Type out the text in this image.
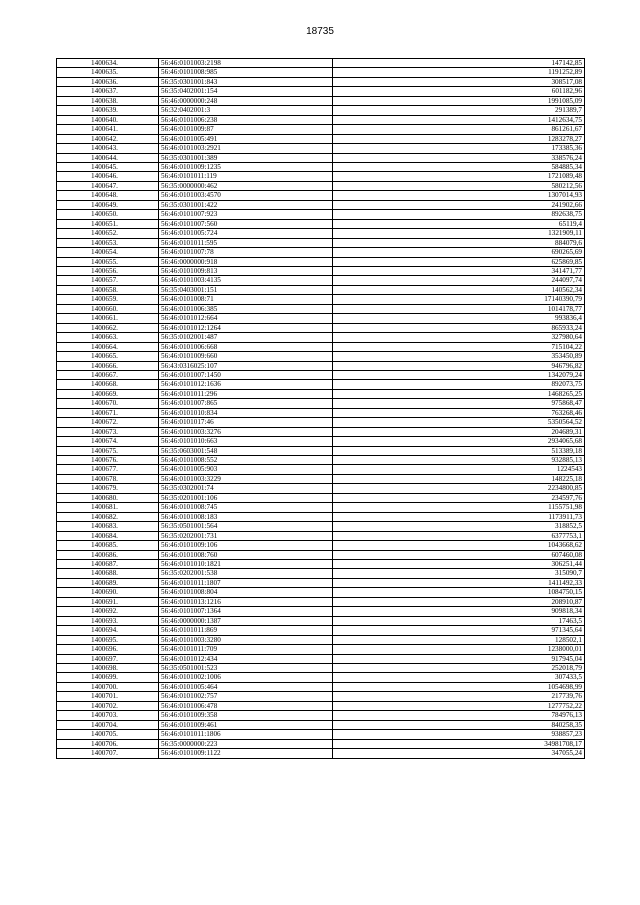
18735
1400634.	56:46:0101003:2198	147142,85
1400635.	56:46:0101008:985	1191252,89
1400636.	56:35:0301001:843	308517,08
1400637.	56:35:0402001:154	601182,96
1400638.	56:46:0000000:248	1991085,09
1400639.	56:32:0402001:3	291389,7
1400640.	56:46:0101006:238	1412634,75
1400641.	56:46:0101009:87	861261,67
1400642.	56:46:0101005:491	1283278,27
1400643.	56:46:0101003:2921	173385,36
1400644.	56:35:0301001:389	338576,24
1400645.	56:46:0101009:1235	584885,34
1400646.	56:46:0101011:119	1721089,48
1400647.	56:35:0000000:462	580212,56
1400648.	56:46:0101003:4570	1307014,93
1400649.	56:35:0301001:422	241902,66
1400650.	56:46:0101007:923	892638,75
1400651.	56:46:0101007:560	65119,4
1400652.	56:46:0101005:724	1321909,11
1400653.	56:46:0101011:595	884079,6
1400654.	56:46:0101007:78	690265,69
1400655.	56:46:0000000:918	625869,85
1400656.	56:46:0101009:813	341471,77
1400657.	56:46:0101003:4135	244097,74
1400658.	56:35:0403001:151	140562,34
1400659.	56:46:0101008:71	17140390,79
1400660.	56:46:0101006:385	1014178,77
1400661.	56:46:0101012:664	993836,4
1400662.	56:46:0101012:1264	865933,24
1400663.	56:35:0102001:487	327980,64
1400664.	56:46:0101006:668	715104,22
1400665.	56:46:0101009:660	353450,89
1400666.	56:43:0316025:107	946796,82
1400667.	56:46:0101007:1450	1342079,24
1400668.	56:46:0101012:1636	892073,75
1400669.	56:46:0101011:296	1468265,25
1400670.	56:46:0101007:865	975868,47
1400671.	56:46:0101010:834	763268,46
1400672.	56:46:0101017:46	5350564,52
1400673.	56:46:0101003:3276	204689,31
1400674.	56:46:0101010:663	2934065,68
1400675.	56:35:0603001:548	513389,18
1400676.	56:46:0101008:552	932885,13
1400677.	56:46:0101005:903	1224543
1400678.	56:46:0101003:3229	148225,18
1400679.	56:35:0302001:74	2234800,85
1400680.	56:35:0201001:106	234597,76
1400681.	56:46:0101008:745	1155751,98
1400682.	56:46:0101008:183	1173911,73
1400683.	56:35:0501001:564	318852,5
1400684.	56:35:0202001:731	6377753,1
1400685.	56:46:0101009:106	1043668,62
1400686.	56:46:0101008:760	607460,08
1400687.	56:46:0101010:1821	306251,44
1400688.	56:35:0202001:538	315090,7
1400689.	56:46:0101011:1807	1411492,33
1400690.	56:46:0101008:804	1084750,15
1400691.	56:46:0101013:1216	208910,87
1400692.	56:46:0101007:1364	909818,34
1400693.	56:46:0000000:1387	17463,5
1400694.	56:46:0101011:869	971345,64
1400695.	56:46:0101003:3280	128502,1
1400696.	56:46:0101011:709	1238000,01
1400697.	56:46:0101012:434	917945,04
1400698.	56:35:0501001:523	252018,79
1400699.	56:46:0101002:1006	307433,5
1400700.	56:46:0101005:464	1054698,99
1400701.	56:46:0101002:757	217739,76
1400702.	56:46:0101006:478	1277752,22
1400703.	56:46:0101009:358	784976,13
1400704.	56:46:0101009:461	840258,35
1400705.	56:46:0101011:1806	938857,23
1400706.	56:35:0000000:223	34981708,17
1400707.	56:46:0101009:1122	347055,24
